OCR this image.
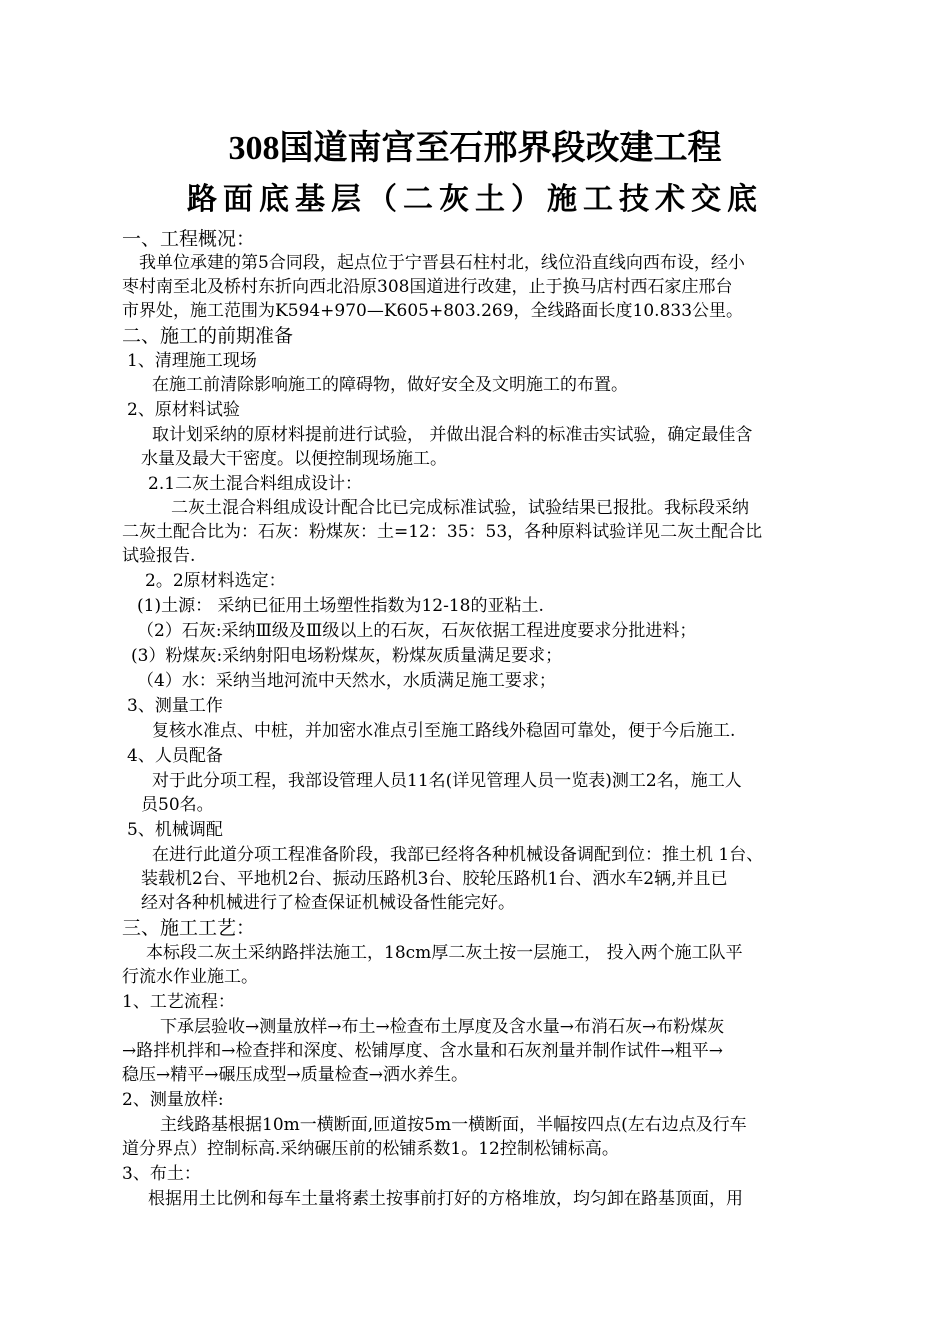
308国道南宫至石邢界段改建工程
路面底基层（二灰土）施工技术交底
一、工程概况：
我单位承建的第5合同段，起点位于宁晋县石柱村北，线位沿直线向西布设，经小
枣村南至北及桥村东折向西北沿原308国道进行改建，止于换马店村西石家庄邢台
市界处，施工范围为K594+970—K605+803.269，全线路面长度10.833公里。
二、施工的前期准备
1、清理施工现场
在施工前清除影响施工的障碍物，做好安全及文明施工的布置。
2、原材料试验
取计划采纳的原材料提前进行试验， 并做出混合料的标准击实试验，确定最佳含
水量及最大干密度。以便控制现场施工。
2.1二灰土混合料组成设计：
二灰土混合料组成设计配合比已完成标准试验，试验结果已报批。我标段采纳
二灰土配合比为：石灰：粉煤灰：土=12：35：53，各种原料试验详见二灰土配合比
试验报告.
2。2原材料选定：
(1)土源： 采纳已征用土场塑性指数为12-18的亚粘土.
（2）石灰:采纳Ⅲ级及Ⅲ级以上的石灰，石灰依据工程进度要求分批进料；
(3）粉煤灰:采纳射阳电场粉煤灰，粉煤灰质量满足要求；
（4）水：采纳当地河流中天然水，水质满足施工要求；
3、测量工作
复核水准点、中桩，并加密水准点引至施工路线外稳固可靠处，便于今后施工.
4、人员配备
对于此分项工程，我部设管理人员11名(详见管理人员一览表)测工2名，施工人
员50名。
5、机械调配
在进行此道分项工程准备阶段，我部已经将各种机械设备调配到位：推土机 1台、
装载机2台、平地机2台、振动压路机3台、胶轮压路机1台、洒水车2辆,并且已
经对各种机械进行了检查保证机械设备性能完好。
三、施工工艺：
本标段二灰土采纳路拌法施工，18cm厚二灰土按一层施工， 投入两个施工队平
行流水作业施工。
1、工艺流程：
下承层验收→测量放样→布土→检查布土厚度及含水量→布消石灰→布粉煤灰
→路拌机拌和→检查拌和深度、松铺厚度、含水量和石灰剂量并制作试件→粗平→
稳压→精平→碾压成型→质量检查→洒水养生。
2、测量放样:
主线路基根据10m一横断面,匝道按5m一横断面，半幅按四点(左右边点及行车
道分界点）控制标高.采纳碾压前的松铺系数1。12控制松铺标高。
3、布土：
根据用土比例和每车土量将素土按事前打好的方格堆放，均匀卸在路基顶面，用
